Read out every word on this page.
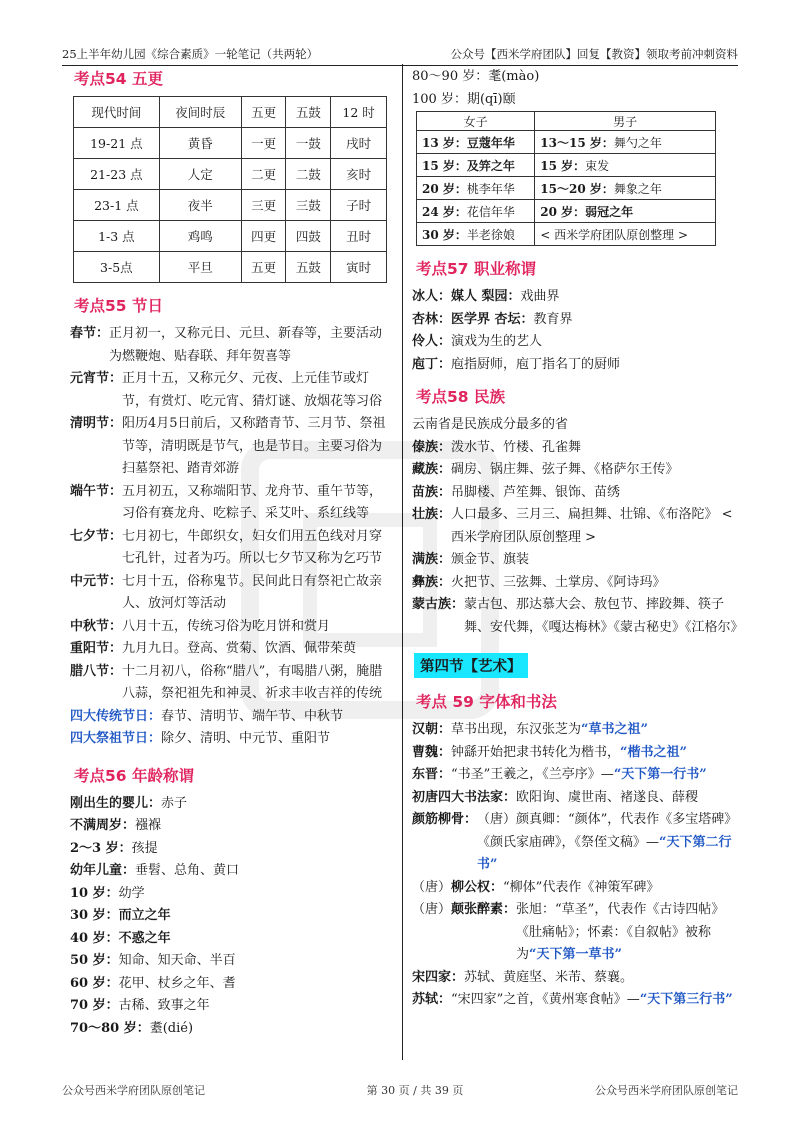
25上半年幼儿园《综合素质》一轮笔记（共两轮）	公众号【西米学府团队】回复【教资】领取考前冲刺资料
考点54 五更
现代时间	夜间时辰	五更	五鼓	12 时
19-21 点	黄昏	一更	一鼓	戌时
21-23 点	人定	二更	二鼓	亥时
23-1 点	夜半	三更	三鼓	子时
1-3 点	鸡鸣	四更	四鼓	丑时
3-5点	平旦	五更	五鼓	寅时
考点55 节日
春节： 正月初一，又称元日、元旦、新春等，主要活动为燃鞭炮、贴春联、拜年贺喜等
元宵节： 正月十五，又称元夕、元夜、上元佳节或灯节，有赏灯、吃元宵、猜灯谜、放烟花等习俗
清明节： 阳历4月5日前后，又称踏青节、三月节、祭祖节等，清明既是节气，也是节日。主要习俗为扫墓祭祀、踏青郊游
端午节： 五月初五，又称端阳节、龙舟节、重午节等，习俗有赛龙舟、吃粽子、采艾叶、系红线等
七夕节： 七月初七，牛郎织女，妇女们用五色线对月穿七孔针，过者为巧。所以七夕节又称为乞巧节
中元节： 七月十五，俗称鬼节。民间此日有祭祀亡故亲人、放河灯等活动
中秋节： 八月十五，传统习俗为吃月饼和赏月
重阳节： 九月九日。登高、赏菊、饮酒、佩带茱萸
腊八节： 十二月初八，俗称“腊八”，有喝腊八粥，腌腊八蒜，祭祀祖先和神灵、祈求丰收吉祥的传统
四大传统节日： 春节、清明节、端午节、中秋节
四大祭祖节日： 除夕、清明、中元节、重阳节
考点56 年龄称谓
刚出生的婴儿： 赤子
不满周岁： 襁褓
2～3 岁： 孩提
幼年儿童： 垂髫、总角、黄口
10 岁： 幼学
30 岁： 而立之年
40 岁： 不惑之年
50 岁： 知命、知天命、半百
60 岁： 花甲、杖乡之年、耆
70 岁： 古稀、致事之年
70～80 岁： 耋(dié)
80～90 岁：耄(mào)
100 岁：期(qī)颐
女子	男子
13 岁：豆蔻年华	13～15 岁：舞勺之年
15 岁：及笄之年	15 岁：束发
20 岁：桃李年华	15～20 岁：舞象之年
24 岁：花信年华	20 岁：弱冠之年
30 岁：半老徐娘	< 西米学府团队原创整理 >
考点57 职业称谓
冰人： 媒人 梨园：戏曲界
杏林： 医学界 杏坛：教育界
伶人： 演戏为生的艺人
庖丁： 庖指厨师，庖丁指名丁的厨师
考点58 民族
云南省是民族成分最多的省
傣族： 泼水节、竹楼、孔雀舞
藏族： 碉房、锅庄舞、弦子舞、《格萨尔王传》
苗族： 吊脚楼、芦笙舞、银饰、苗绣
壮族： 人口最多、三月三、扁担舞、壮锦、《布洛陀》 < 西米学府团队原创整理 >
满族： 颁金节、旗装
彝族： 火把节、三弦舞、土掌房、《阿诗玛》
蒙古族： 蒙古包、那达慕大会、敖包节、摔跤舞、筷子舞、安代舞，《嘎达梅林》《蒙古秘史》《江格尔》
第四节【艺术】
考点 59 字体和书法
汉朝： 草书出现，东汉张芝为“草书之祖”
曹魏： 钟繇开始把隶书转化为楷书，“楷书之祖”
东晋： “书圣”王羲之，《兰亭序》—“天下第一行书”
初唐四大书法家： 欧阳询、虞世南、褚遂良、薛稷
颜筋柳骨： （唐）颜真卿：“颜体”，代表作《多宝塔碑》《颜氏家庙碑》，《祭侄文稿》—“天下第二行书”
（唐）柳公权： “柳体”代表作《神策军碑》
（唐）颠张醉素： 张旭：“草圣”，代表作《古诗四帖》《肚痛帖》；怀素：《自叙帖》被称为“天下第一草书”
宋四家： 苏轼、黄庭坚、米芾、蔡襄。
苏轼： “宋四家”之首，《黄州寒食帖》—“天下第三行书”
公众号西米学府团队原创笔记	第 30 页 / 共 39 页	公众号西米学府团队原创笔记
